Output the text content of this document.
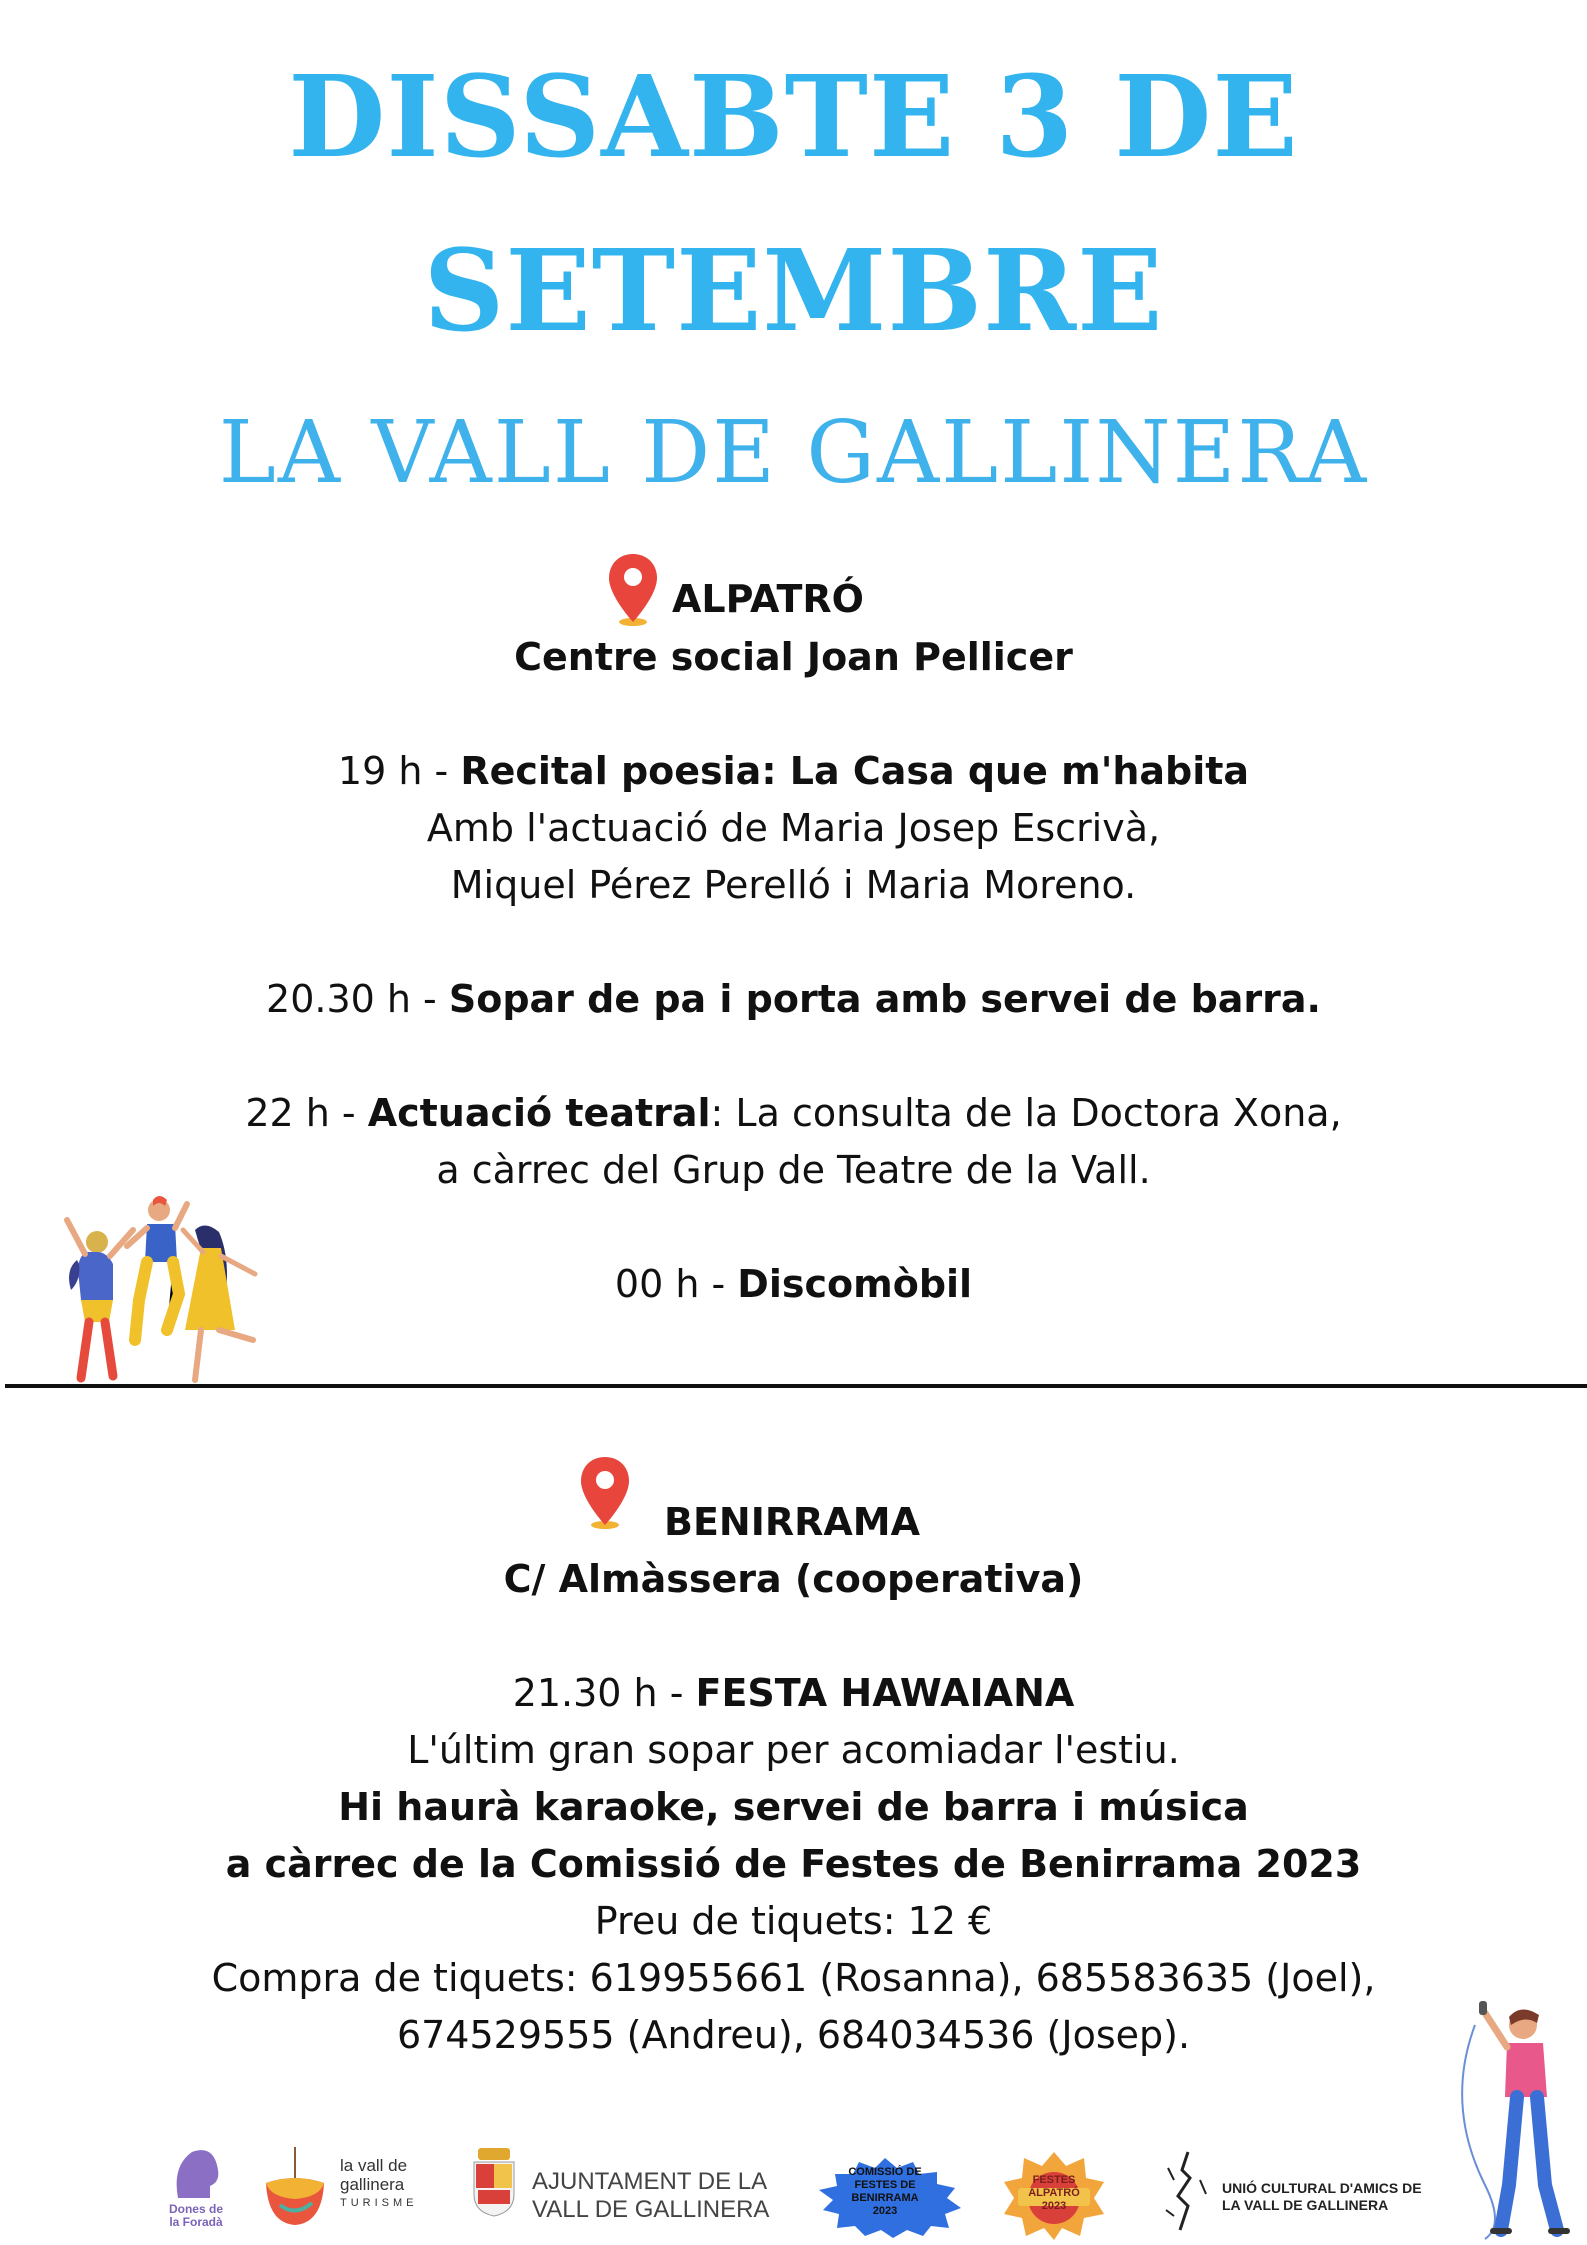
DISSABTE 3 DE
SETEMBRE
LA VALL DE GALLINERA
ALPATRÓ
Centre social Joan Pellicer
19 h - Recital poesia: La Casa que m'habita
Amb l'actuació de Maria Josep Escrivà,
Miquel Pérez Perelló i Maria Moreno.
20.30 h - Sopar de pa i porta amb servei de barra.
22 h - Actuació teatral: La consulta de la Doctora Xona,
a càrrec del Grup de Teatre de la Vall.
00 h - Discomòbil
BENIRRAMA
C/ Almàssera (cooperativa)
21.30 h - FESTA HAWAIANA
L'últim gran sopar per acomiadar l'estiu.
Hi haurà karaoke, servei de barra i música
a càrrec de la Comissió de Festes de Benirrama 2023
Preu de tiquets: 12 €
Compra de tiquets: 619955661 (Rosanna), 685583635 (Joel),
674529555 (Andreu), 684034536 (Josep).
Dones de
la Foradà
la vall de
gallinera
TURISME
AJUNTAMENT DE LA
VALL DE GALLINERA
COMISSIÓ DE
FESTES DE
BENIRRAMA
2023
FESTES
ALPATRÓ
2023
UNIÓ CULTURAL D'AMICS DE
LA VALL DE GALLINERA
